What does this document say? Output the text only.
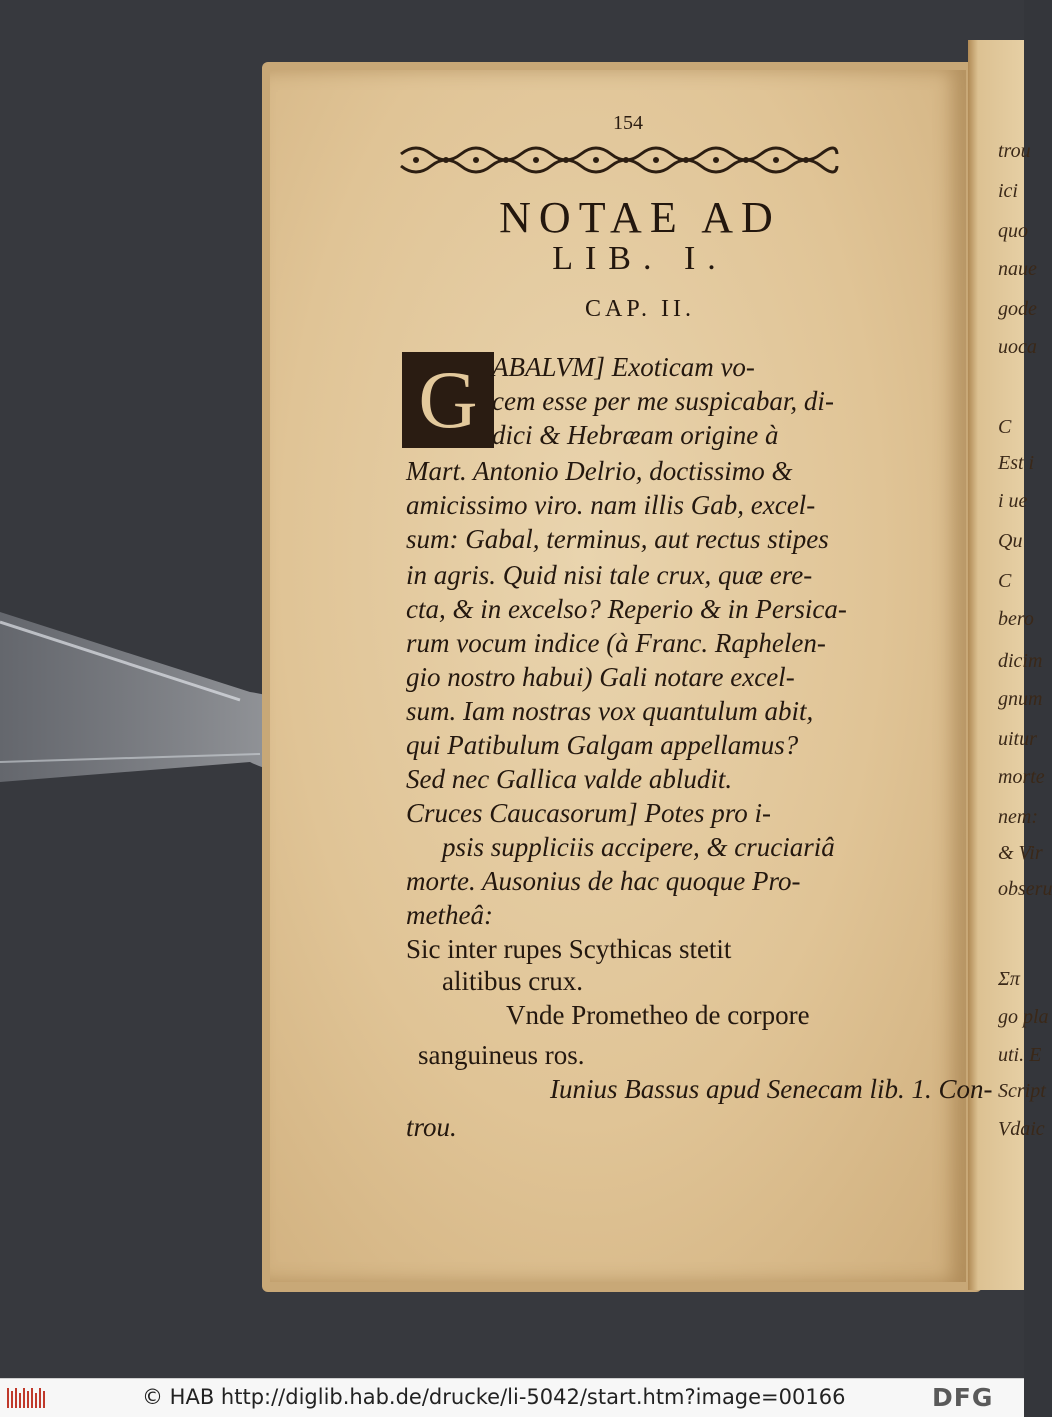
trou
ici
quo
naue
gode
uoca
C
Est i
i ue
Qu
C
bero
dicim
gnum
uitur
morte
nem:
& Vir
obseru
Σπ
go pla
uti. E
Script
Vdaic
154
NOTAE AD
LIB. I.
CAP. II.
G ABALVM] Exoticam vo-
cem esse per me suspicabar, di-
dici & Hebræam origine à
Mart. Antonio Delrio, doctissimo &
amicissimo viro. nam illis Gab, excel-
sum: Gabal, terminus, aut rectus stipes
in agris. Quid nisi tale crux, quæ ere-
cta, & in excelso? Reperio & in Persica-
rum vocum indice (à Franc. Raphelen-
gio nostro habui) Gali notare excel-
sum. Iam nostras vox quantulum abit,
qui Patibulum Galgam appellamus?
Sed nec Gallica valde abludit.
Cruces Caucasorum] Potes pro i-
psis suppliciis accipere, & cruciariâ
morte. Ausonius de hac quoque Pro-
metheâ:
Sic inter rupes Scythicas stetit
alitibus crux.
Vnde Prometheo de corpore
sanguineus ros.
Iunius Bassus apud Senecam lib. 1. Con-
trou.
© HAB http://diglib.hab.de/drucke/li-5042/start.htm?image=00166	DFG
